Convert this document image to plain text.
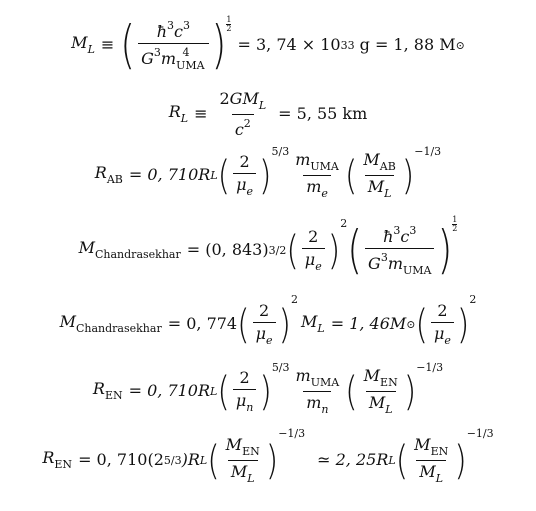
$M_L$ ≡ ( $\frac{ħ^3c^3}{G^3m_{UMA}^4}$ ) 1
2
= 3, 74 × 10 33 g = 1, 88 M ⊙
$R_L \equiv \frac{2GM_L}{c^2} = 5$, 55 km
$R_{AB} = 0$, 710R L ( $\frac{2}{\mu_e}$ ) $5/3 \frac{m_{UMA}}{m_e}$ ( $\frac{M_{AB}}{M_L}$ ) −1/3
$M_{Chandrasekhar} = (0$, 843) 3/2 ( $\frac{2}{\mu_e}$ )
2 ( $\frac{ħ^3c^3}{G^3m_{UMA}}$ )
1
2
$M_{Chandrasekhar} = 0$, 774 ( $\frac{2}{\mu_e}$ )
2
$M_L = 1$, 46M ⊙ ( $\frac{2}{\mu_e}$ )
2
$R_{EN} = 0$, 710R L ( $\frac{2}{\mu_n}$ ) $5/3 \frac{m_{UMA}}{m_n}$ ( $\frac{M_{EN}}{M_L}$ ) −1/3
$R_{EN} = 0$, 710(2 5/3 )R L ( $\frac{M_{EN}}{M_L}$ )
−1/3
≃ 2, 25R L ( $\frac{M_{EN}}{M_L}$ )
−1/3
